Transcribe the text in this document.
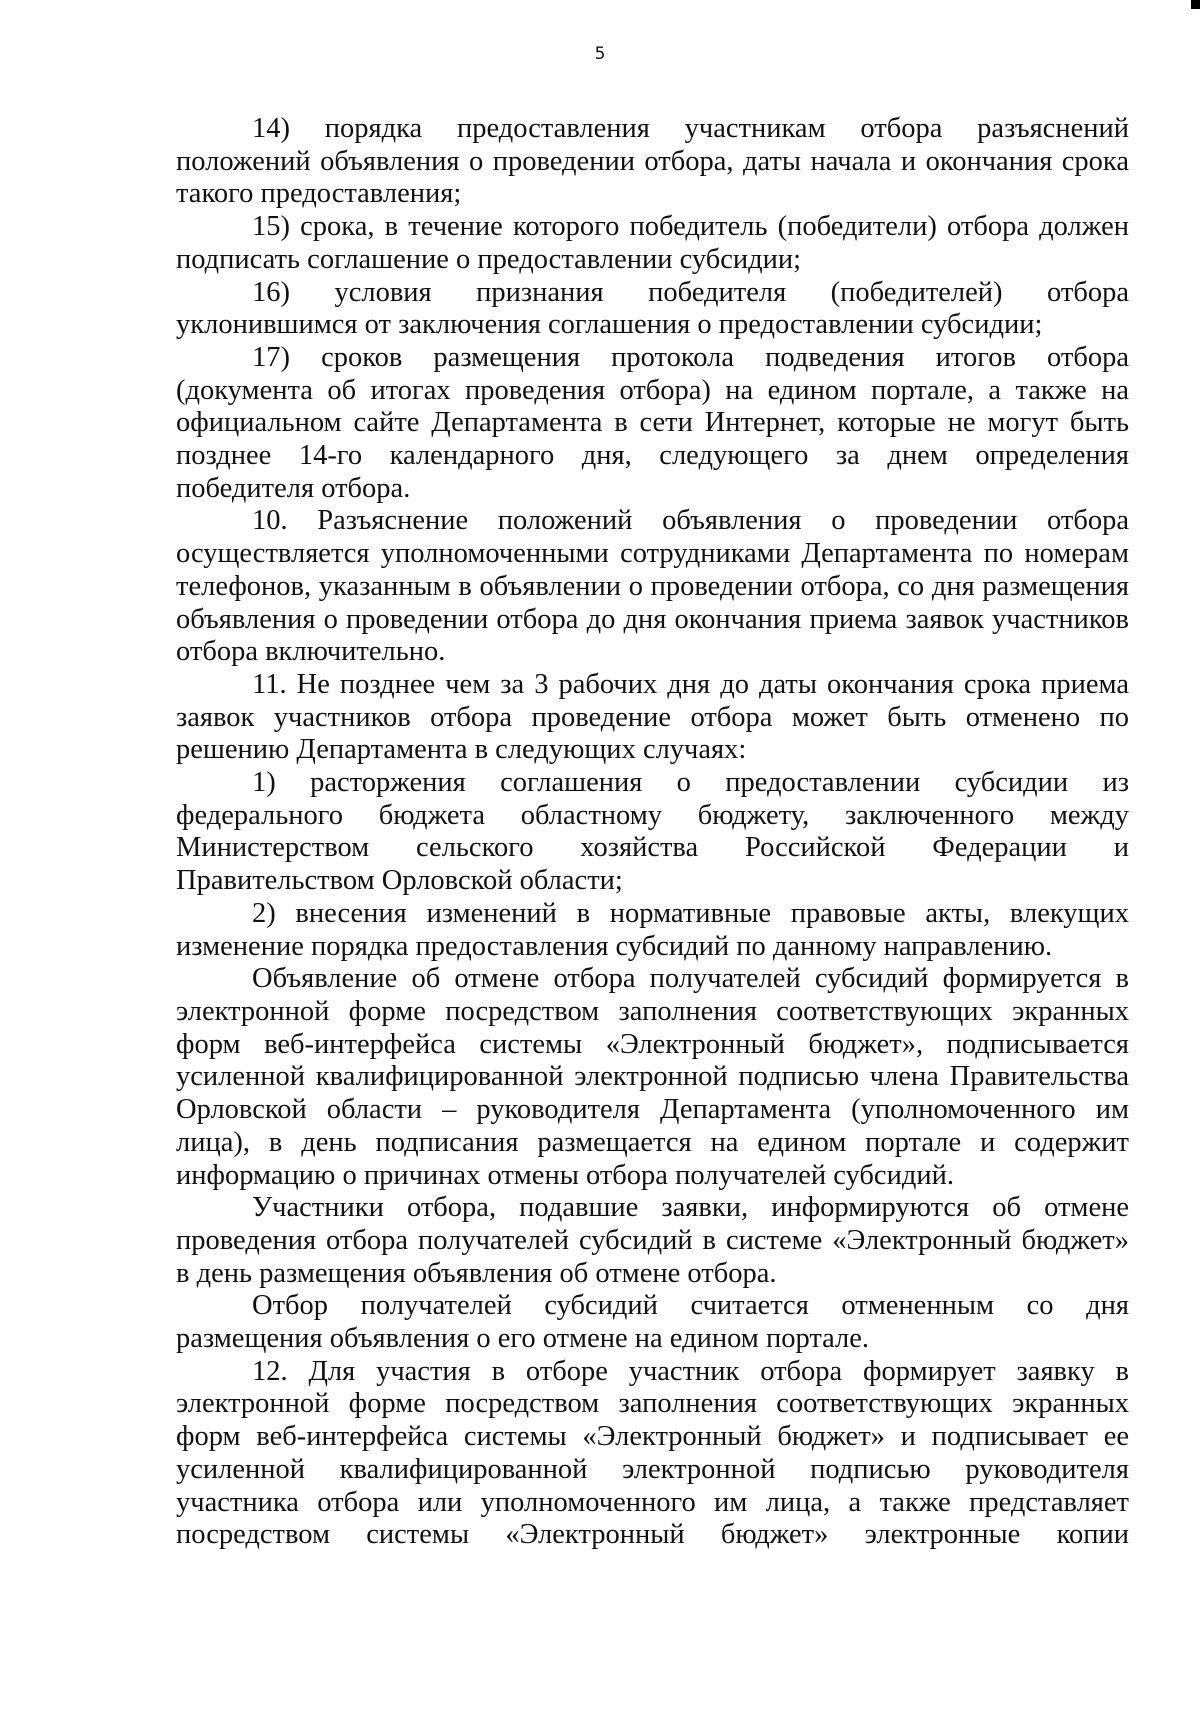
5

14) порядка предоставления участникам отбора разъяснений положений объявления о проведении отбора, даты начала и окончания срока такого предоставления;

15) срока, в течение которого победитель (победители) отбора должен подписать соглашение о предоставлении субсидии;

16) условия признания победителя (победителей) отбора уклонившимся от заключения соглашения о предоставлении субсидии;

17) сроков размещения протокола подведения итогов отбора (документа об итогах проведения отбора) на едином портале, а также на официальном сайте Департамента в сети Интернет, которые не могут быть позднее 14-го календарного дня, следующего за днем определения победителя отбора.

10. Разъяснение положений объявления о проведении отбора осуществляется уполномоченными сотрудниками Департамента по номерам телефонов, указанным в объявлении о проведении отбора, со дня размещения объявления о проведении отбора до дня окончания приема заявок участников отбора включительно.

11. Не позднее чем за 3 рабочих дня до даты окончания срока приема заявок участников отбора проведение отбора может быть отменено по решению Департамента в следующих случаях:

1) расторжения соглашения о предоставлении субсидии из федерального бюджета областному бюджету, заключенного между Министерством сельского хозяйства Российской Федерации и Правительством Орловской области;

2) внесения изменений в нормативные правовые акты, влекущих изменение порядка предоставления субсидий по данному направлению.

Объявление об отмене отбора получателей субсидий формируется в электронной форме посредством заполнения соответствующих экранных форм веб-интерфейса системы «Электронный бюджет», подписывается усиленной квалифицированной электронной подписью члена Правительства Орловской области – руководителя Департамента (уполномоченного им лица), в день подписания размещается на едином портале и содержит информацию о причинах отмены отбора получателей субсидий.

Участники отбора, подавшие заявки, информируются об отмене проведения отбора получателей субсидий в системе «Электронный бюджет» в день размещения объявления об отмене отбора.

Отбор получателей субсидий считается отмененным со дня размещения объявления о его отмене на едином портале.

12. Для участия в отборе участник отбора формирует заявку в электронной форме посредством заполнения соответствующих экранных форм веб-интерфейса системы «Электронный бюджет» и подписывает ее усиленной квалифицированной электронной подписью руководителя участника отбора или уполномоченного им лица, а также представляет посредством системы «Электронный бюджет» электронные копии
